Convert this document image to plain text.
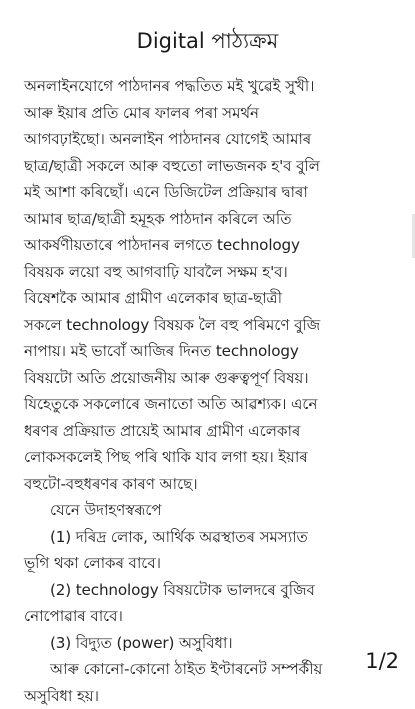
Digital পাঠ্যক্রম
অনলাইনযোগে পাঠদানৰ পদ্ধতিত মই খুৱেই সুখী।
আৰু ইয়াৰ প্রতি মোৰ ফালৰ পৰা সমৰ্থন
আগবঢ়াইছো। অনলাইন পাঠদানৰ যোগেই আমাৰ
ছাত্ৰ/ছাত্ৰী সকলে আৰু বহুতো লাভজনক হ'ব বুলি
মই আশা কৰিছোঁ। এনে ডিজিটেল প্রক্রিয়াৰ দ্বাৰা
আমাৰ ছাত্ৰ/ছাত্ৰী হমূহক পাঠদান কৰিলে অতি
আকৰ্ষণীয়তাৰে পাঠদানৰ লগতে technology
বিষয়ক লয়ো বহু আগবাঢ়ি যাবলৈ সক্ষম হ'ব।
বিষেশকৈ আমাৰ গ্ৰামীণ এলেকাৰ ছাত্ৰ-ছাত্ৰী
সকলে technology বিষয়ক লৈ বহু পৰিমণে বুজি
নাপায়। মই ভাবোঁ আজিৰ দিনত technology
বিষয়টো অতি প্রয়োজনীয় আৰু গুৰুত্বপূৰ্ণ বিষয়।
যিহেতুকে সকলোৰে জনাতো অতি আৱশ্যক। এনে
ধৰণৰ প্রক্রিয়াত প্রায়েই আমাৰ গ্ৰামীণ এলেকাৰ
লোকসকলেই পিছ পৰি থাকি যাব লগা হয়। ইয়াৰ
বহুটো-বহুধৰণৰ কাৰণ আছে।
যেনে উদাহণস্বৰূপে
(1) দৰিদ্ৰ লোক, আৰ্থিক অৱস্থাতৰ সমস্যাত
ভূগি থকা লোকৰ বাবে।
(2) technology বিষয়টোক ভালদৰে বুজিব
নোপোৱাৰ বাবে।
(3) বিদ্যুত (power) অসুবিধা।
আৰু কোনো-কোনো ঠাইত ইণ্টাৰনেট সম্পৰ্কীয়
অসুবিধা হয়।
1/2
